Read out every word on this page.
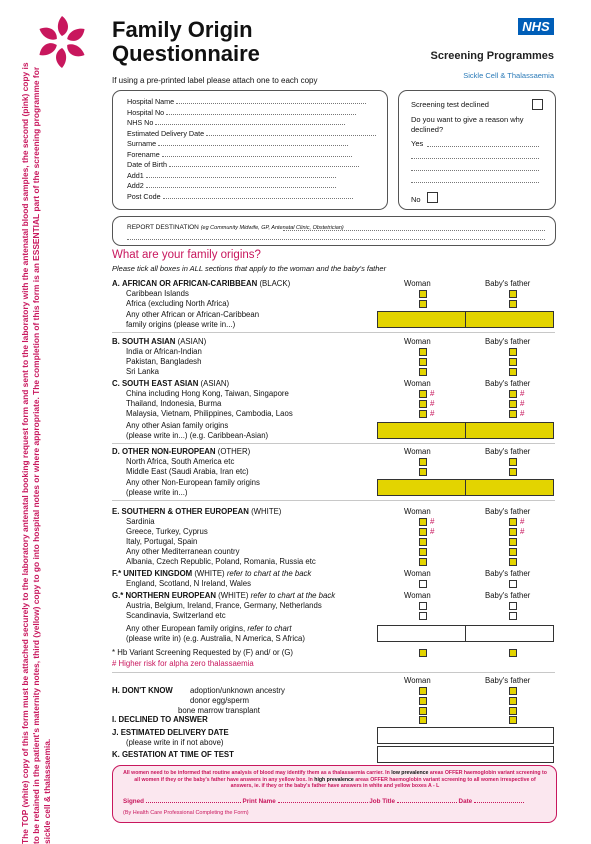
The TOP (white) copy of this form must be attached securely to the laboratory antenatal booking request form and sent to the laboratory with the antenatal blood samples, the second (pink) copy is to be retained in the patient's maternity notes, third (yellow) copy to go into hospital notes or where appropriate. The completion of this form is an ESSENTIAL part of the screening programme for sickle cell & thalassaemia.
Family Origin
Questionnaire
NHS
Screening Programmes
Sickle Cell & Thalassaemia
If using a pre-printed label please attach one to each copy
Hospital Name
Hospital No
NHS No
Estimated Delivery Date
Surname
Forename
Date of Birth
Add1
Add2
Post Code
Screening test declined
Do you want to give a reason why declined?
Yes
No
REPORT DESTINATION (eg Community Midwife, GP, Antenatal Clinic, Obstetrician)
What are your family origins?
Please tick all boxes in ALL sections that apply to the woman and the baby's father
A. AFRICAN OR AFRICAN-CARIBBEAN (BLACK)	Woman	Baby's father
Caribbean Islands
Africa (excluding North Africa)
Any other African or African-Caribbean
family origins (please write in...)
B. SOUTH ASIAN (ASIAN)	Woman	Baby's father
India or African-Indian
Pakistan, Bangladesh
Sri Lanka
C. SOUTH EAST ASIAN (ASIAN)	Woman	Baby's father
China including Hong Kong, Taiwan, Singapore	#	#
Thailand, Indonesia, Burma	#	#
Malaysia, Vietnam, Philippines, Cambodia, Laos	#	#
Any other Asian family origins
(please write in...) (e.g. Caribbean-Asian)
D. OTHER NON-EUROPEAN (OTHER)	Woman	Baby's father
North Africa, South America etc
Middle East (Saudi Arabia, Iran etc)
Any other Non-European family origins
(please write in...)
E. SOUTHERN & OTHER EUROPEAN (WHITE)	Woman	Baby's father
Sardinia	#	#
Greece, Turkey, Cyprus	#	#
Italy, Portugal, Spain
Any other Mediterranean country
Albania, Czech Republic, Poland, Romania, Russia etc
F.* UNITED KINGDOM (WHITE) refer to chart at the back	Woman	Baby's father
England, Scotland, N Ireland, Wales
G.* NORTHERN EUROPEAN (WHITE) refer to chart at the back	Woman	Baby's father
Austria, Belgium, Ireland, France, Germany, Netherlands
Scandinavia, Switzerland etc
Any other European family origins, refer to chart
(please write in) (e.g. Australia, N America, S Africa)
* Hb Variant Screening Requested by (F) and/ or (G)
# Higher risk for alpha zero thalassaemia
Woman	Baby's father
H. DON'T KNOW adoption/unknown ancestry
donor egg/sperm
bone marrow transplant
I. DECLINED TO ANSWER
J. ESTIMATED DELIVERY DATE
(please write in if not above)
K. GESTATION AT TIME OF TEST
All women need to be informed that routine analysis of blood may identify them as a thalassaemia carrier. In low prevalence areas OFFER haemoglobin variant screening to all women if they or the baby's father have answers in any yellow box. In high prevalence areas OFFER haemoglobin variant screening to all women irrespective of answers, ie. if they or the baby's father have answers in white and yellow boxes A - L
Signed	Print Name	Job Title	Date
(By Health Care Professional Completing the Form)
